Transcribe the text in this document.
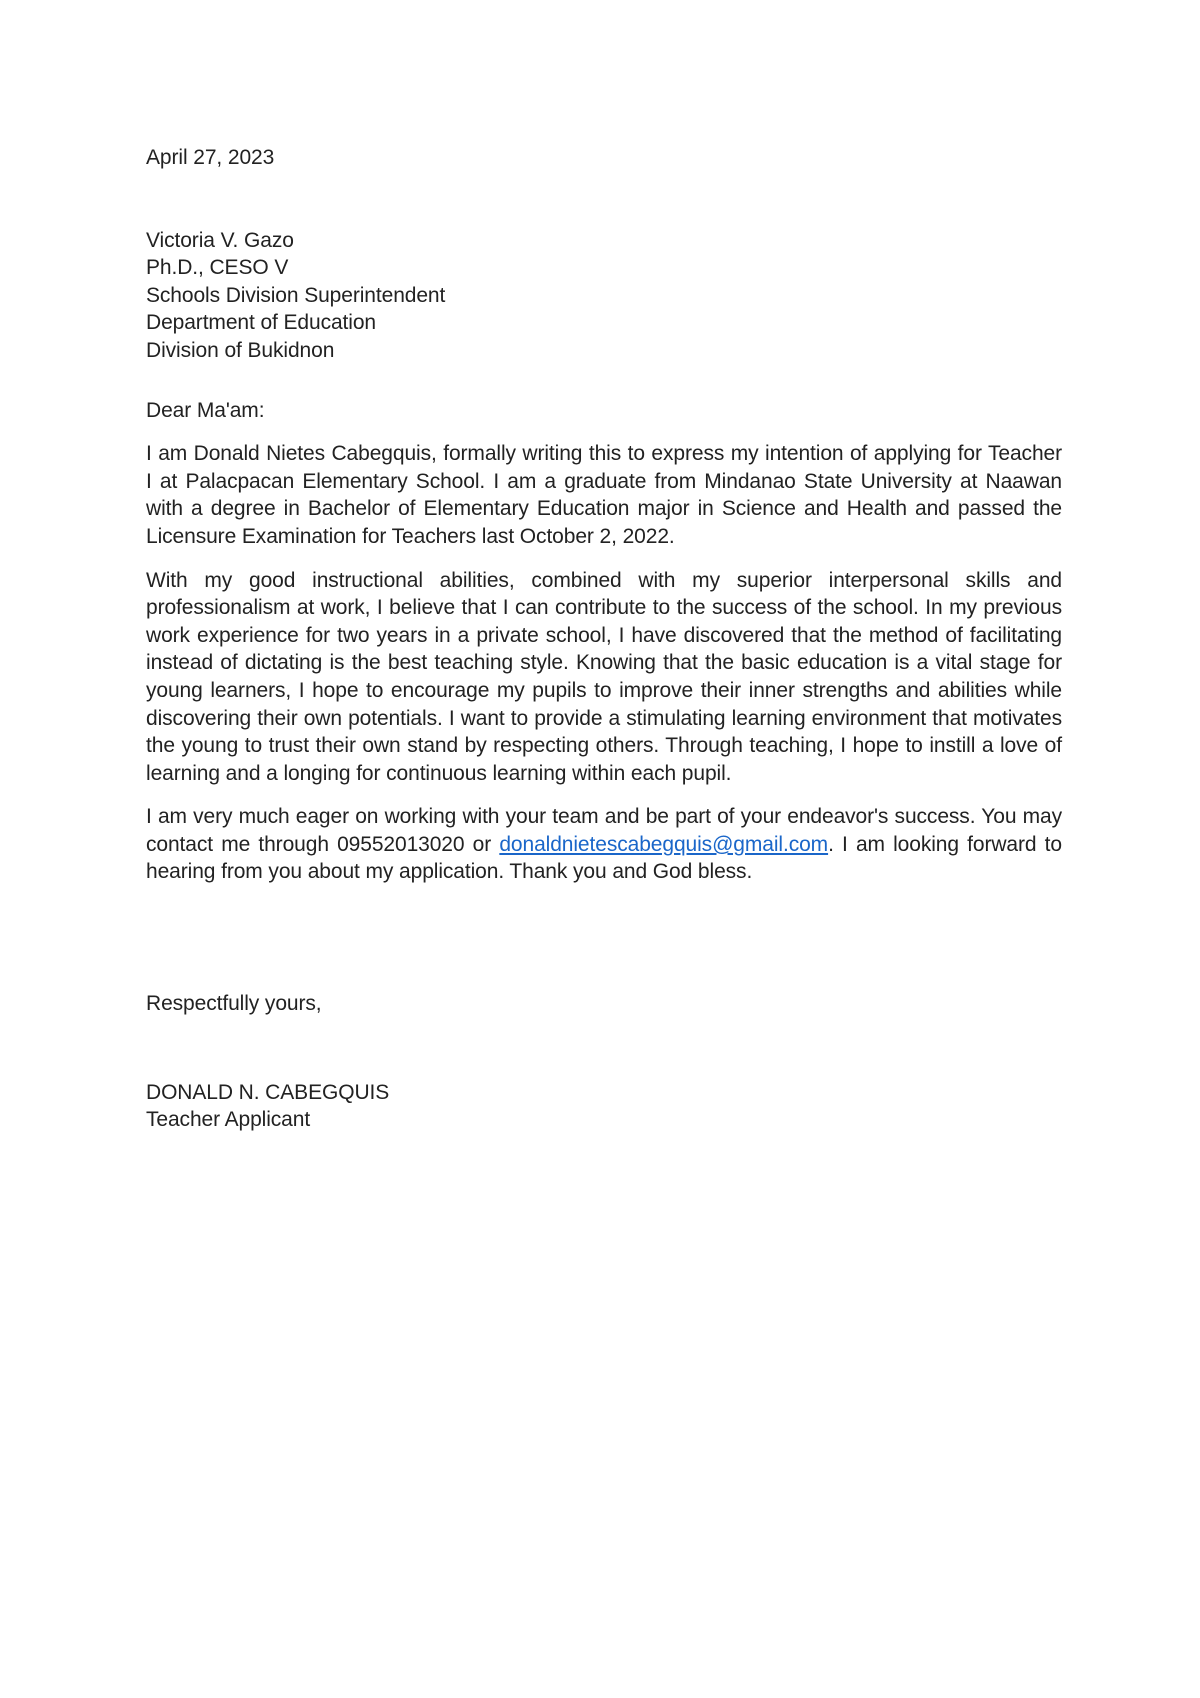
April 27, 2023
Victoria V. Gazo
Ph.D., CESO V
Schools Division Superintendent
Department of Education
Division of Bukidnon
Dear Ma'am:

I am Donald Nietes Cabegquis, formally writing this to express my intention of applying for Teacher I at Palacpacan Elementary School. I am a graduate from Mindanao State University at Naawan with a degree in Bachelor of Elementary Education major in Science and Health and passed the Licensure Examination for Teachers last October 2, 2022.

With my good instructional abilities, combined with my superior interpersonal skills and professionalism at work, I believe that I can contribute to the success of the school. In my previous work experience for two years in a private school, I have discovered that the method of facilitating instead of dictating is the best teaching style. Knowing that the basic education is a vital stage for young learners, I hope to encourage my pupils to improve their inner strengths and abilities while discovering their own potentials. I want to provide a stimulating learning environment that motivates the young to trust their own stand by respecting others. Through teaching, I hope to instill a love of learning and a longing for continuous learning within each pupil.

I am very much eager on working with your team and be part of your endeavor's success. You may contact me through 09552013020 or donaldnietescabegquis@gmail.com. I am looking forward to hearing from you about my application. Thank you and God bless.

Respectfully yours,
DONALD N. CABEGQUIS
Teacher Applicant
